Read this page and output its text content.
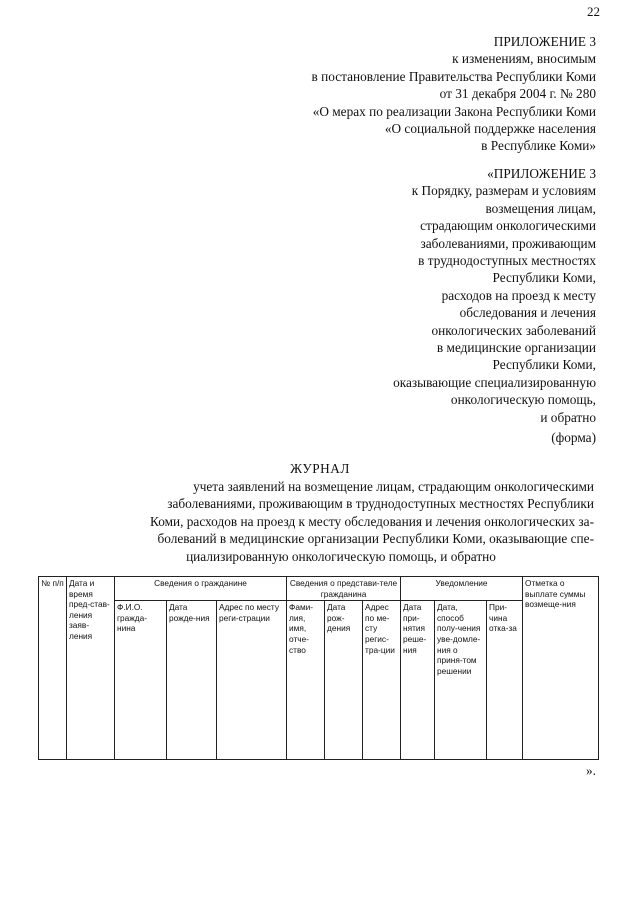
22
ПРИЛОЖЕНИЕ 3
к изменениям, вносимым
в постановление Правительства Республики Коми
от 31 декабря 2004 г. № 280
«О мерах по реализации Закона Республики Коми
«О социальной поддержке населения
в Республике Коми»
«ПРИЛОЖЕНИЕ 3
к Порядку, размерам и условиям
возмещения лицам,
страдающим онкологическими
заболеваниями, проживающим
в труднодоступных местностях
Республики Коми,
расходов на проезд к месту
обследования и лечения
онкологических заболеваний
в медицинские организации
Республики Коми,
оказывающие специализированную
онкологическую помощь,
и обратно
(форма)
ЖУРНАЛ
учета заявлений на возмещение лицам, страдающим онкологическими
заболеваниями, проживающим в труднодоступных местностях Республики
Коми, расходов на проезд к месту обследования и лечения онкологических за-
болеваний в медицинские организации Республики Коми, оказывающие спе-
циализированную онкологическую помощь, и обратно
№ п/п	Дата и время пред-став-ления заяв-ления	Сведения о гражданине			Сведения о представи-теле гражданина			Уведомление			Отметка о выплате суммы возмеще-ния
		Ф.И.О. гражда-нина	Дата рожде-ния	Адрес по месту реги-страции	Фами-лия, имя, отче-ство	Дата рож-дения	Адрес по ме-сту регис-тра-ции	Дата при-нятия реше-ния	Дата, способ полу-чения уве-домле-ния о приня-том решении	При-чина отка-за	
».
